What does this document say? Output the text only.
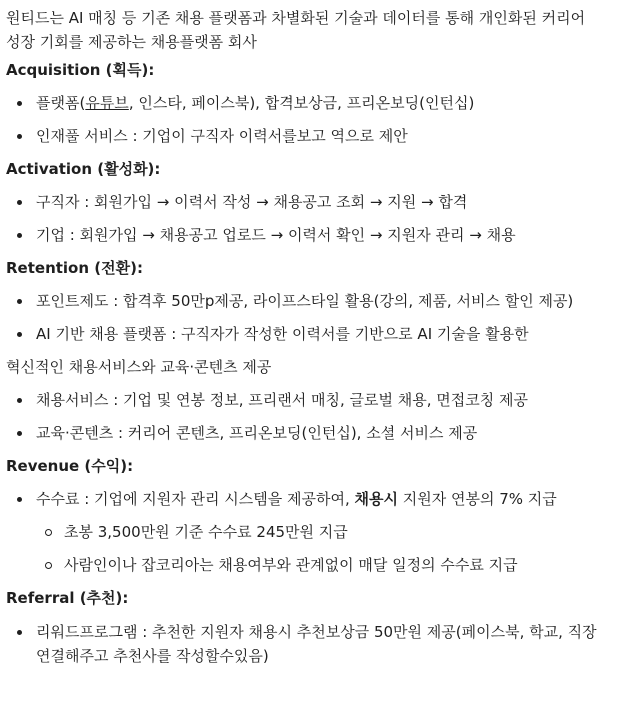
원티드는 AI 매칭 등 기존 채용 플랫폼과 차별화된 기술과 데이터를 통해 개인화된 커리어
성장 기회를 제공하는 채용플랫폼 회사
Acquisition (획득):
플랫폼(유튜브, 인스타, 페이스북), 합격보상금, 프리온보딩(인턴십)
인재풀 서비스 : 기업이 구직자 이력서를보고 역으로 제안
Activation (활성화):
구직자 : 회원가입 → 이력서 작성 → 채용공고 조회 → 지원 → 합격
기업 : 회원가입 → 채용공고 업로드 → 이력서 확인 → 지원자 관리 → 채용
Retention (전환):
포인트제도 : 합격후 50만p제공, 라이프스타일 활용(강의, 제품, 서비스 할인 제공)
AI 기반 채용 플랫폼 : 구직자가 작성한 이력서를 기반으로 AI 기술을 활용한
혁신적인 채용서비스와 교육·콘텐츠 제공
채용서비스 : 기업 및 연봉 정보, 프리랜서 매칭, 글로벌 채용, 면접코칭 제공
교육·콘텐츠 : 커리어 콘텐츠, 프리온보딩(인턴십), 소셜 서비스 제공
Revenue (수익):
수수료 : 기업에 지원자 관리 시스템을 제공하여, 채용시 지원자 연봉의 7% 지급
초봉 3,500만원 기준 수수료 245만원 지급
사람인이나 잡코리아는 채용여부와 관계없이 매달 일정의 수수료 지급
Referral (추천):
리워드프로그램 : 추천한 지원자 채용시 추천보상금 50만원 제공(페이스북, 학교, 직장
연결해주고 추천사를 작성할수있음)
